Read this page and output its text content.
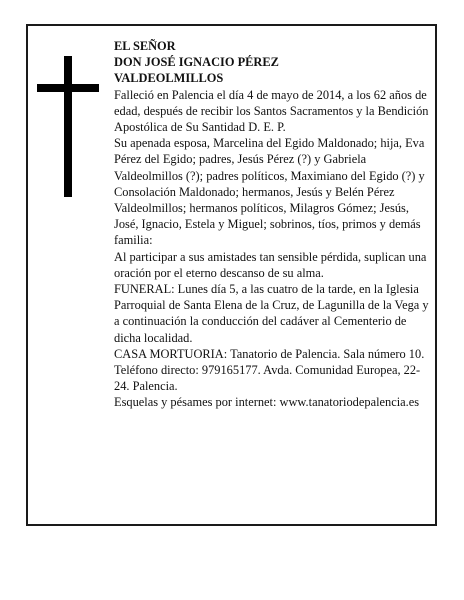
EL SEÑOR

DON JOSÉ IGNACIO PÉREZ

VALDEOLMILLOS

Falleció en Palencia el día 4 de mayo de 2014, a los 62 años de edad, después de recibir los Santos Sacramentos y la Bendición Apostólica de Su Santidad D. E. P.

Su apenada esposa, Marcelina del Egido Maldonado; hija, Eva Pérez del Egido; padres, Jesús Pérez (?) y Gabriela Valdeolmillos (?); padres políticos, Maximiano del Egido (?) y Consolación Maldonado; hermanos, Jesús y Belén Pérez Valdeolmillos; hermanos políticos, Milagros Gómez; Jesús, José, Ignacio, Estela y Miguel; sobrinos, tíos, primos y demás familia:

Al participar a sus amistades tan sensible pérdida, suplican una oración por el eterno descanso de su alma.

FUNERAL: Lunes día 5, a las cuatro de la tarde, en la Iglesia Parroquial de Santa Elena de la Cruz, de Lagunilla de la Vega y a continuación la conducción del cadáver al Cementerio de dicha localidad.

CASA MORTUORIA: Tanatorio de Palencia. Sala número 10. Teléfono directo: 979165177. Avda. Comunidad Europea, 22-24. Palencia.

Esquelas y pésames por internet: www.tanatoriodepalencia.es
